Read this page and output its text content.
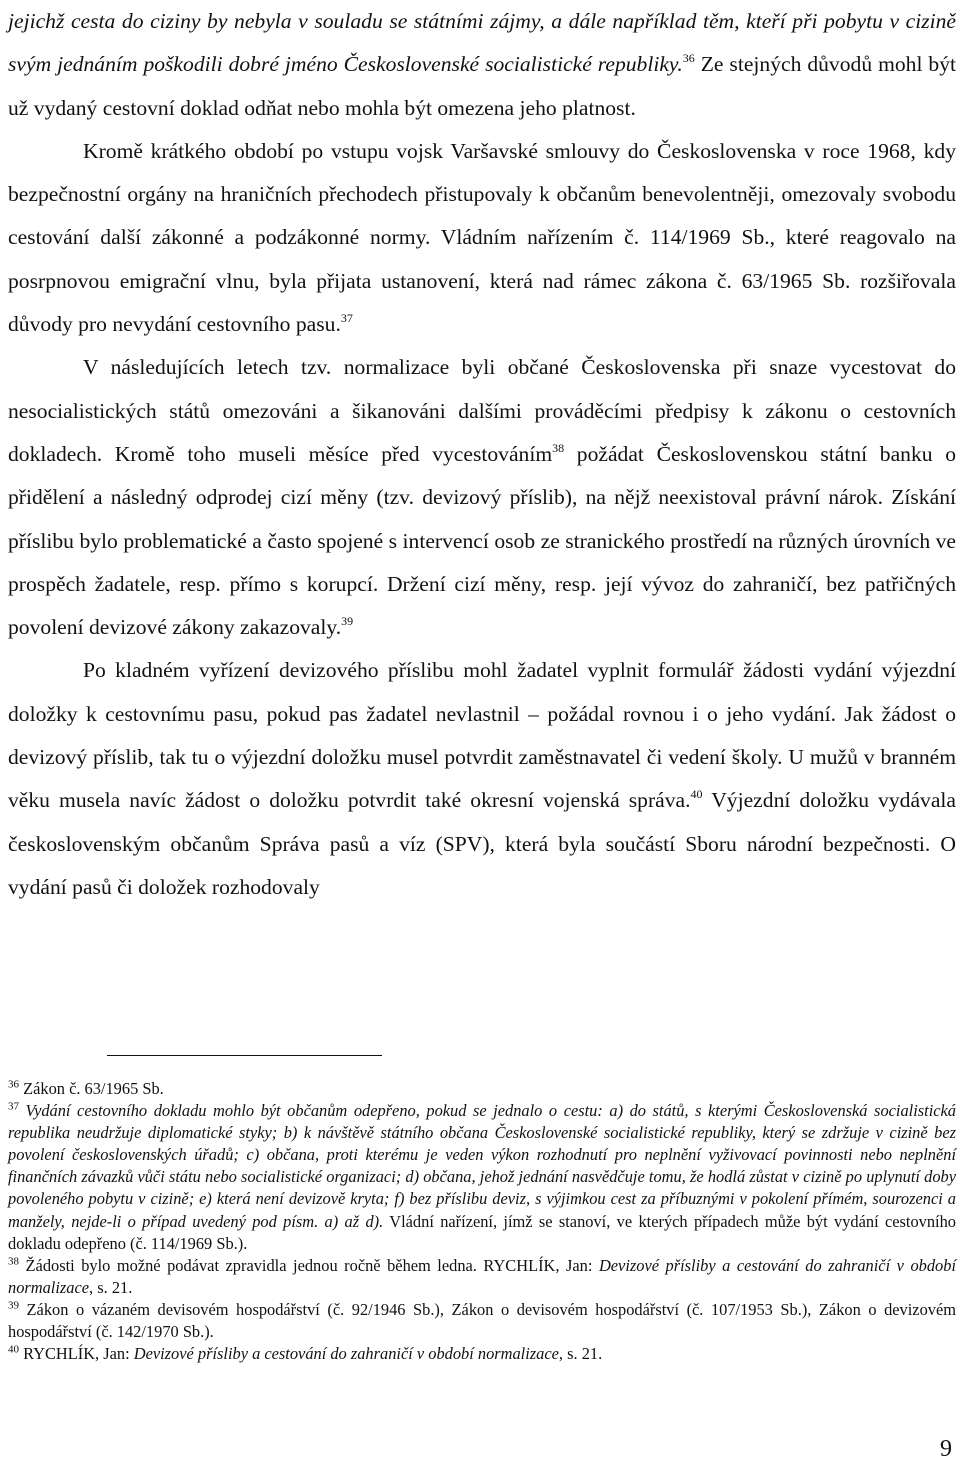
jejichž cesta do ciziny by nebyla v souladu se státními zájmy, a dále například těm, kteří při pobytu v cizině svým jednáním poškodili dobré jméno Československé socialistické republiky.$^{36}$ Ze stejných důvodů mohl být už vydaný cestovní doklad odňat nebo mohla být omezena jeho platnost.

Kromě krátkého období po vstupu vojsk Varšavské smlouvy do Československa v roce 1968, kdy bezpečnostní orgány na hraničních přechodech přistupovaly k občanům benevolentněji, omezovaly svobodu cestování další zákonné a podzákonné normy. Vládním nařízením č. 114/1969 Sb., které reagovalo na posrpnovou emigrační vlnu, byla přijata ustanovení, která nad rámec zákona č. 63/1965 Sb. rozšiřovala důvody pro nevydání cestovního pasu.$^{37}$

V následujících letech tzv. normalizace byli občané Československa při snaze vycestovat do nesocialistických států omezováni a šikanováni dalšími prováděcími předpisy k zákonu o cestovních dokladech. Kromě toho museli měsíce před vycestováním$^{38}$ požádat Československou státní banku o přidělení a následný odprodej cizí měny (tzv. devizový příslib), na nějž neexistoval právní nárok. Získání příslibu bylo problematické a často spojené s intervencí osob ze stranického prostředí na různých úrovních ve prospěch žadatele, resp. přímo s korupcí. Držení cizí měny, resp. její vývoz do zahraničí, bez patřičných povolení devizové zákony zakazovaly.$^{39}$

Po kladném vyřízení devizového příslibu mohl žadatel vyplnit formulář žádosti vydání výjezdní doložky k cestovnímu pasu, pokud pas žadatel nevlastnil – požádal rovnou i o jeho vydání. Jak žádost o devizový příslib, tak tu o výjezdní doložku musel potvrdit zaměstnavatel či vedení školy. U mužů v branném věku musela navíc žádost o doložku potvrdit také okresní vojenská správa.$^{40}$ Výjezdní doložku vydávala československým občanům Správa pasů a víz (SPV), která byla součástí Sboru národní bezpečnosti. O vydání pasů či doložek rozhodovaly

$^{36}$ Zákon č. 63/1965 Sb.

$^{37}$ Vydání cestovního dokladu mohlo být občanům odepřeno, pokud se jednalo o cestu: a) do států, s kterými Československá socialistická republika neudržuje diplomatické styky; b) k návštěvě státního občana Československé socialistické republiky, který se zdržuje v cizině bez povolení československých úřadů; c) občana, proti kterému je veden výkon rozhodnutí pro neplnění vyživovací povinnosti nebo neplnění finančních závazků vůči státu nebo socialistické organizaci; d) občana, jehož jednání nasvědčuje tomu, že hodlá zůstat v cizině po uplynutí doby povoleného pobytu v cizině; e) která není devizově kryta; f) bez příslibu deviz, s výjimkou cest za příbuznými v pokolení přímém, sourozenci a manžely, nejde-li o případ uvedený pod písm. a) až d). Vládní nařízení, jímž se stanoví, ve kterých případech může být vydání cestovního dokladu odepřeno (č. 114/1969 Sb.).

$^{38}$ Žádosti bylo možné podávat zpravidla jednou ročně během ledna. RYCHLÍK, Jan: Devizové přísliby a cestování do zahraničí v období normalizace, s. 21.

$^{39}$ Zákon o vázaném devisovém hospodářství (č. 92/1946 Sb.), Zákon o devisovém hospodářství (č. 107/1953 Sb.), Zákon o devizovém hospodářství (č. 142/1970 Sb.).

$^{40}$ RYCHLÍK, Jan: Devizové přísliby a cestování do zahraničí v období normalizace, s. 21.

9
